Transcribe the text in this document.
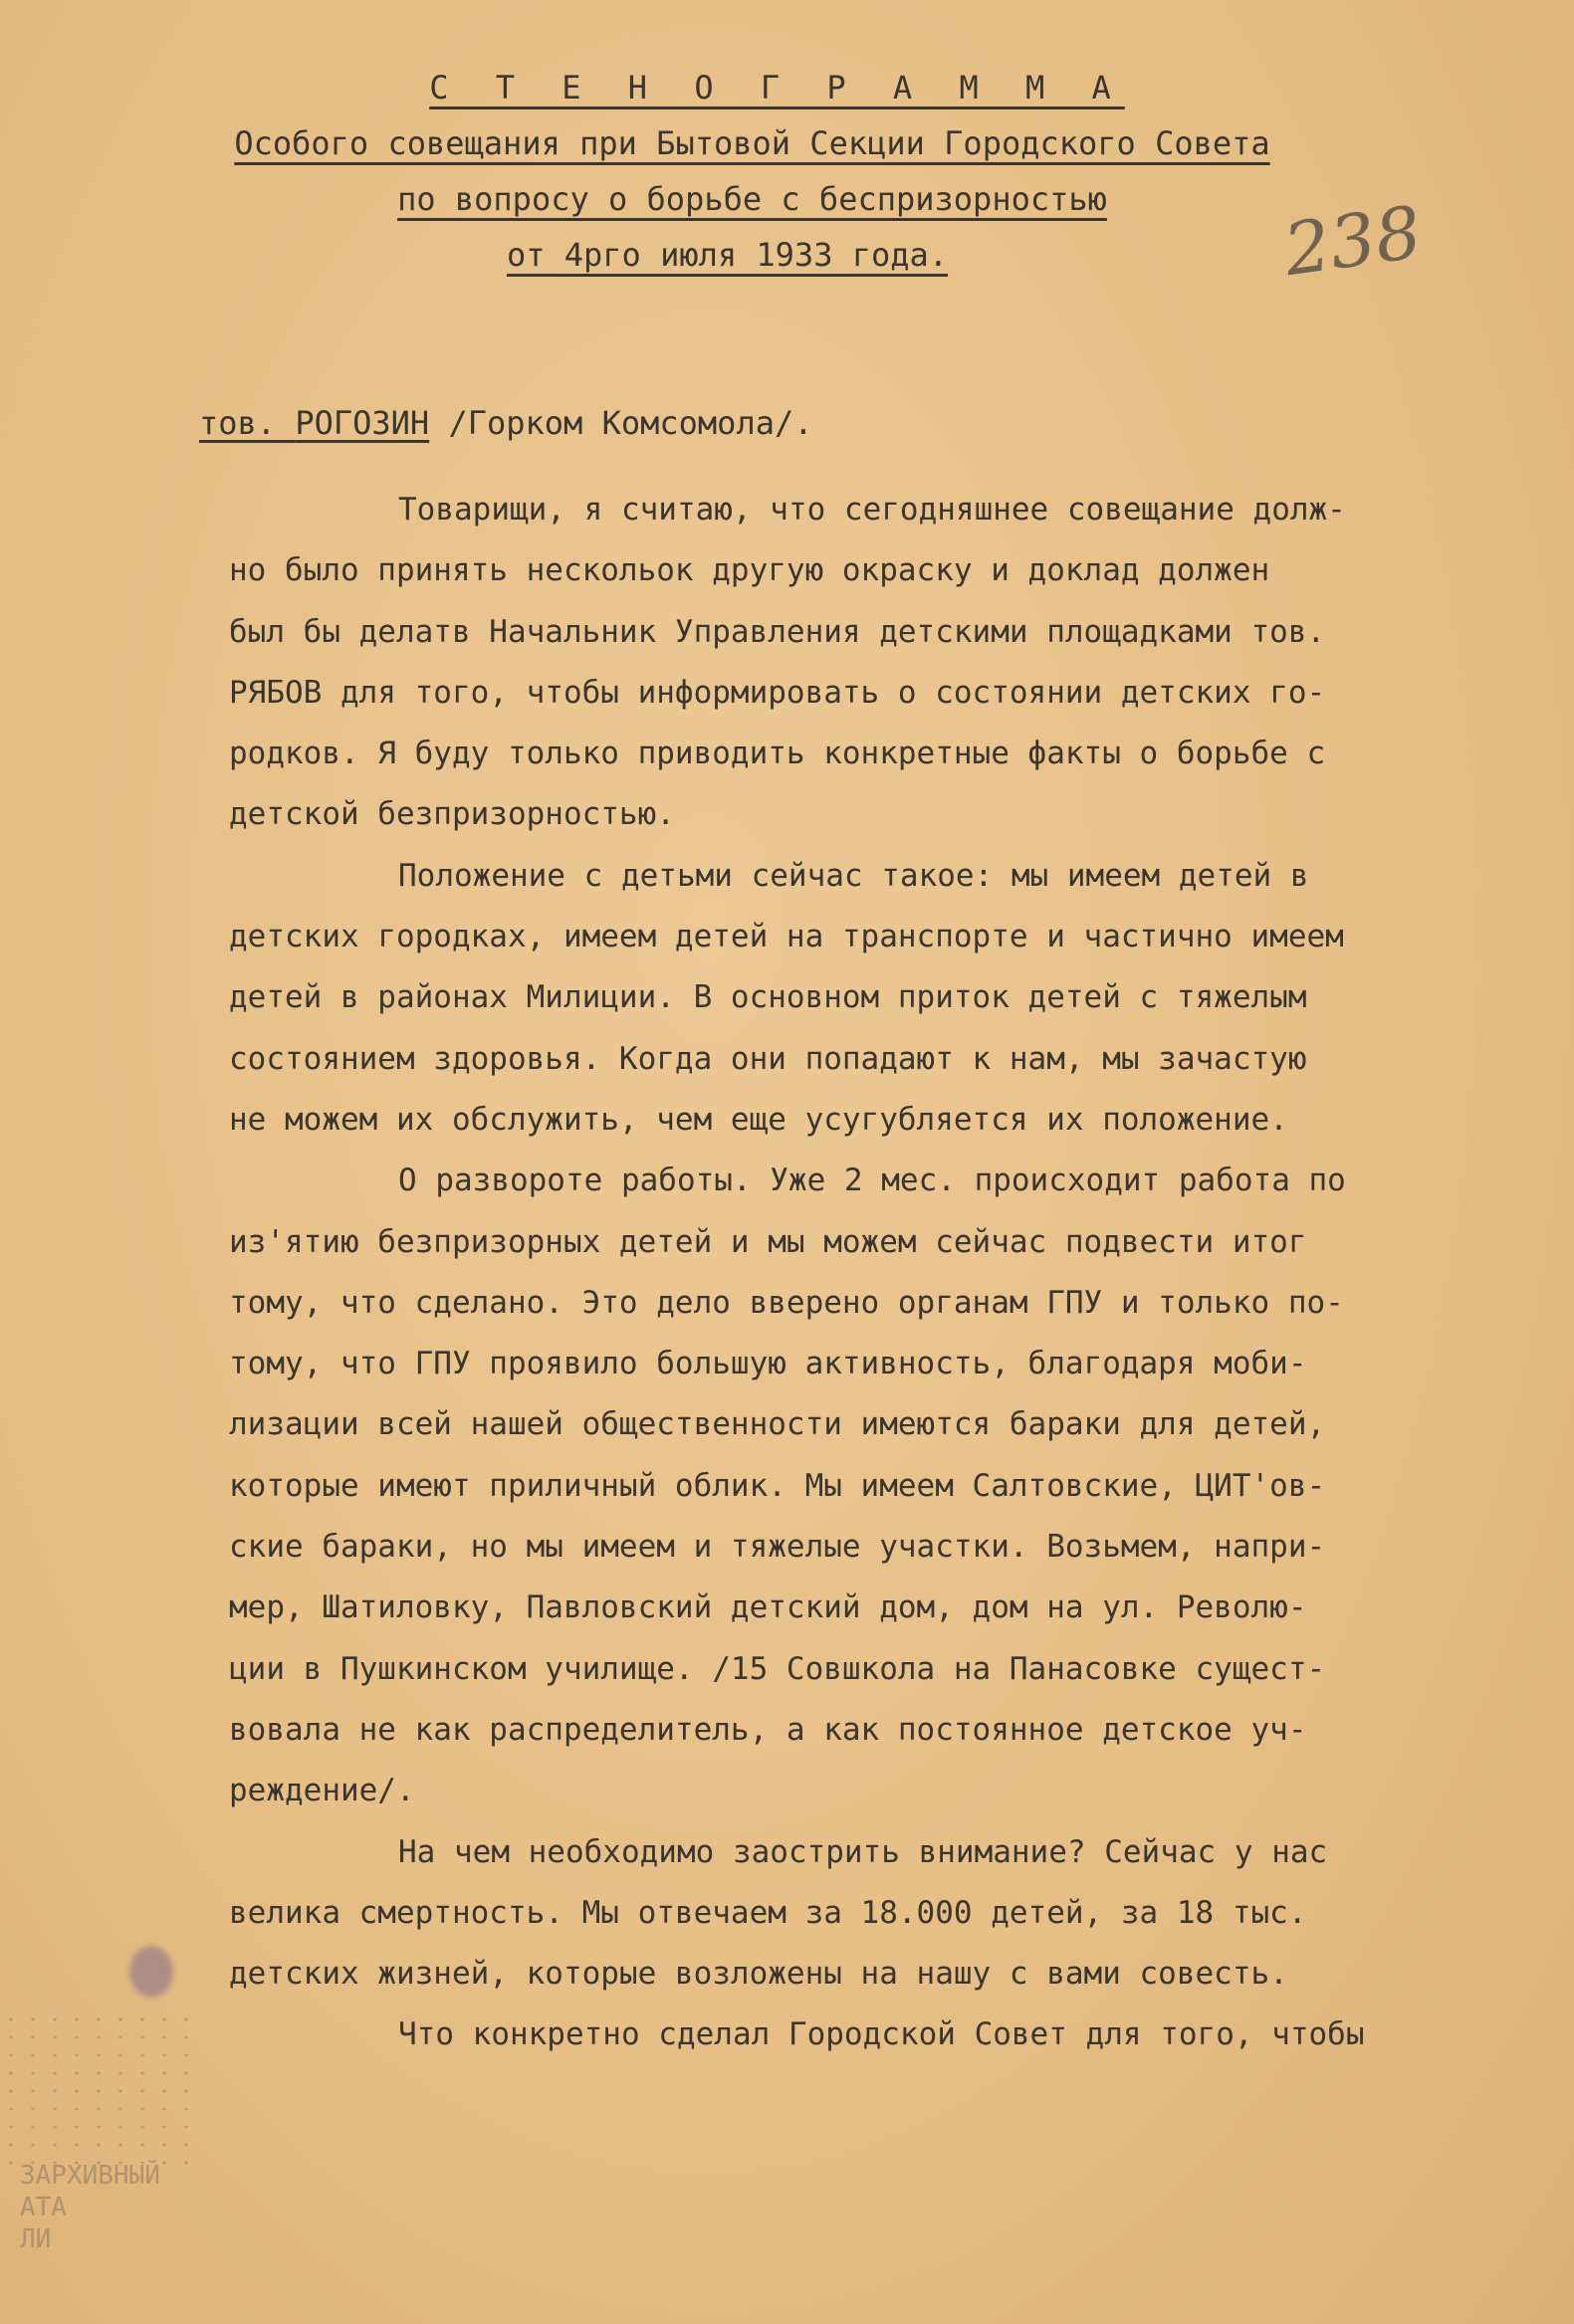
С Т Е Н О Г Р А М М А
Особого совещания при Бытовой Секции Городского Совета
по вопросу о борьбе с беспризорностью
от 4рго июля 1933 года.	238
тов. РОГОЗИН /Горком Комсомола/.
Товарищи, я считаю, что сегодняшнее совещание долж-
но было принять нескольок другую окраску и доклад должен
был бы делатв Начальник Управления детскими площадками тов.
РЯБОВ для того, чтобы информировать о состоянии детских го-
родков. Я буду только приводить конкретные факты о борьбе с
детской безпризорностью.
Положение с детьми сейчас такое: мы имеем детей в
детских городках, имеем детей на транспорте и частично имеем
детей в районах Милиции. В основном приток детей с тяжелым
состоянием здоровья. Когда они попадают к нам, мы зачастую
не можем их обслужить, чем еще усугубляется их положение.
О развороте работы. Уже 2 мес. происходит работа по
из'ятию безпризорных детей и мы можем сейчас подвести итог
тому, что сделано. Это дело вверено органам ГПУ и только по-
тому, что ГПУ проявило большую активность, благодаря моби-
лизации всей нашей общественности имеются бараки для детей,
которые имеют приличный облик. Мы имеем Салтовские, ЦИТ'ов-
ские бараки, но мы имеем и тяжелые участки. Возьмем, напри-
мер, Шатиловку, Павловский детский дом, дом на ул. Револю-
ции в Пушкинском училище. /15 Совшкола на Панасовке сущест-
вовала не как распределитель, а как постоянное детское уч-
реждение/.
На чем необходимо заострить внимание? Сейчас у нас
велика смертность. Мы отвечаем за 18.000 детей, за 18 тыс.
детских жизней, которые возложены на нашу с вами совесть.
Что конкретно сделал Городской Совет для того, чтобы
ЗАРХИВНЫЙ
АТА
ЛИ
